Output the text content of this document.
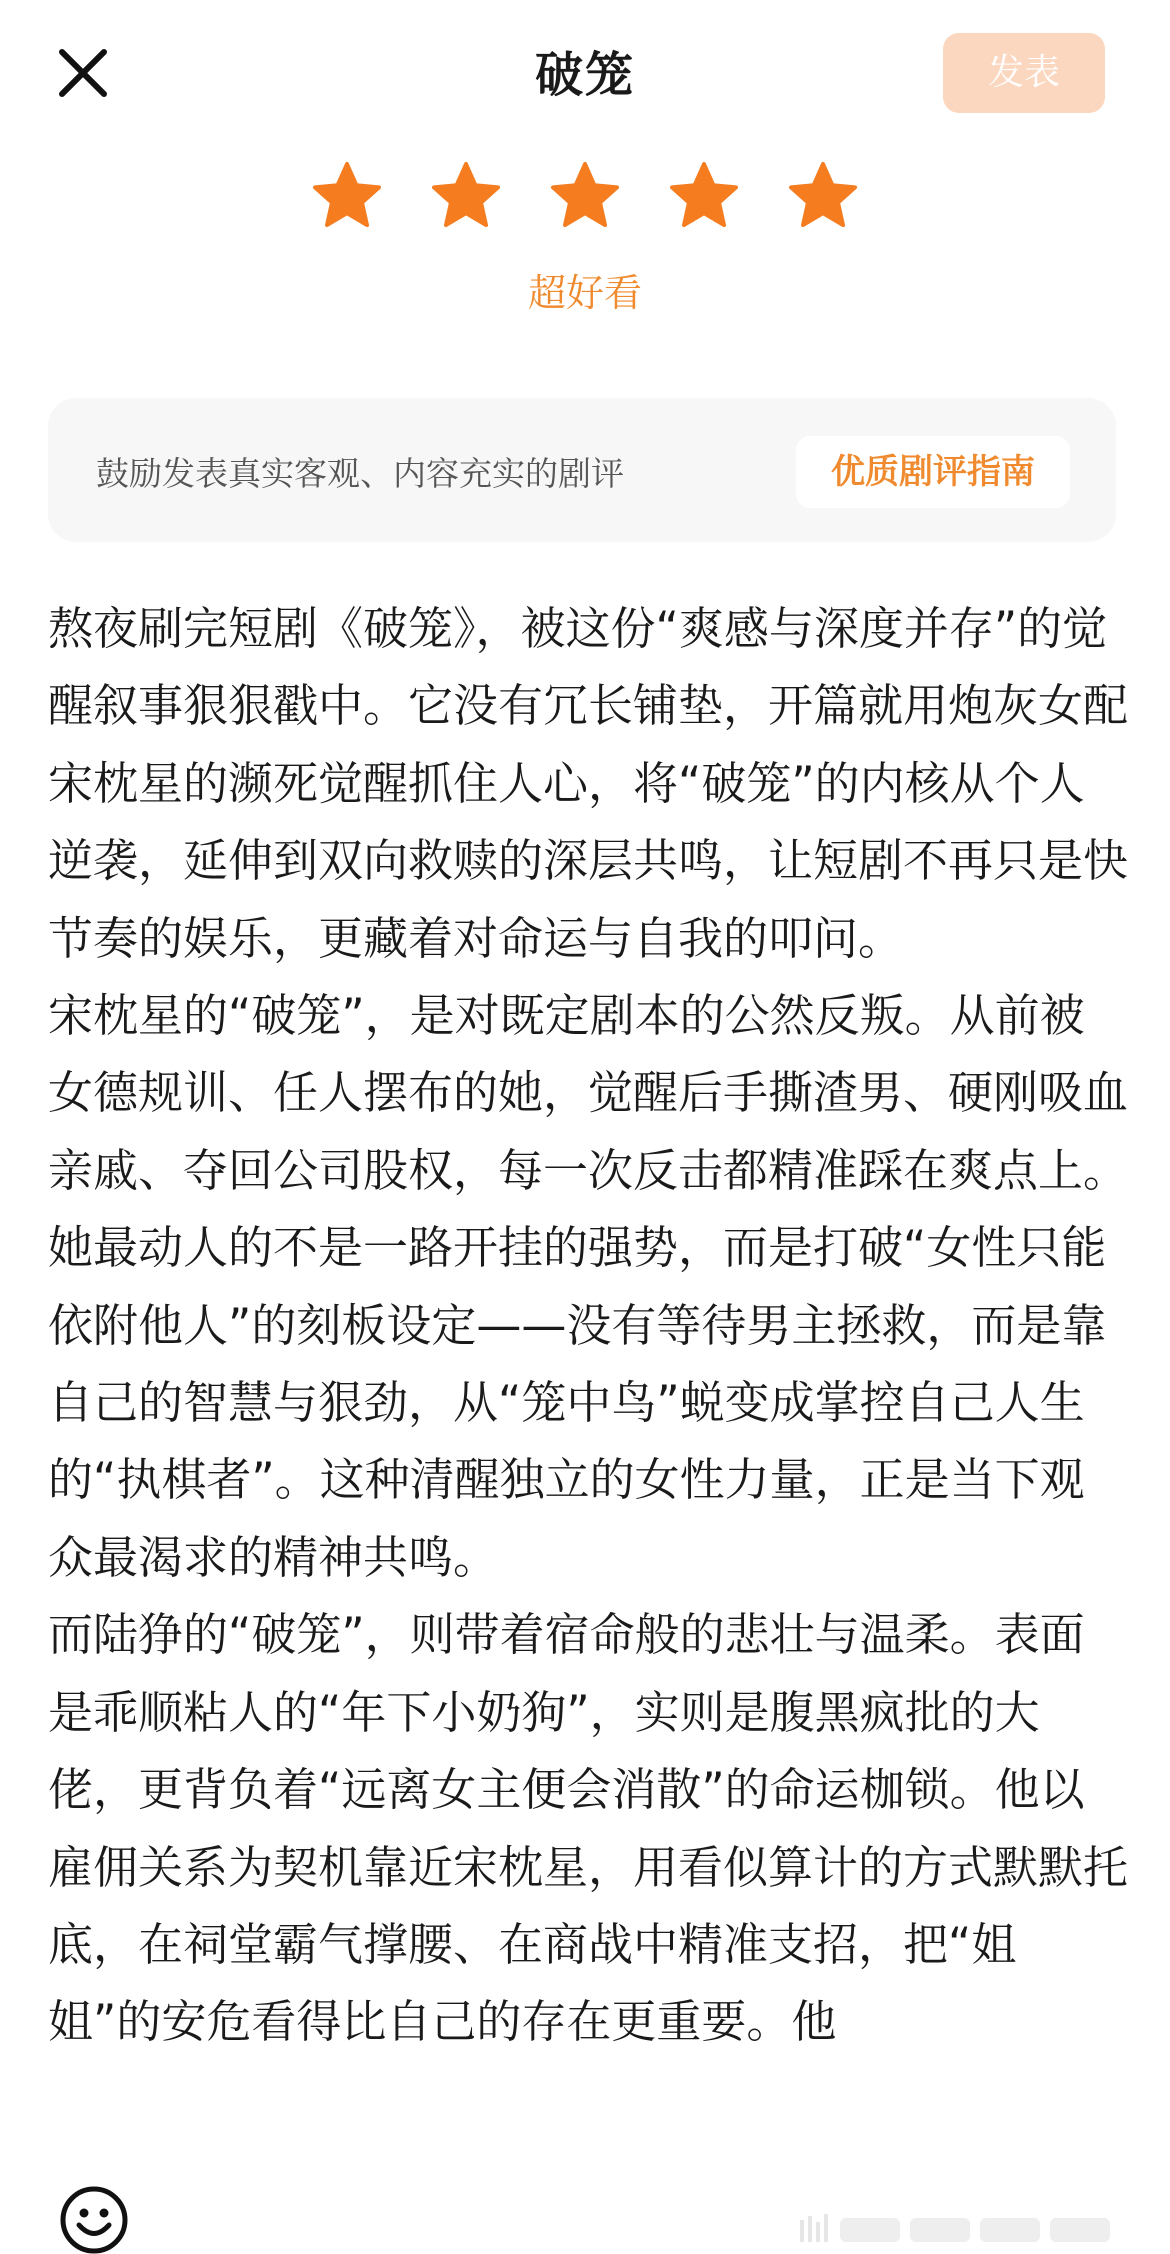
破笼	发表
超好看
鼓励发表真实客观、内容充实的剧评	优质剧评指南

熬夜刷完短剧《破笼》，被这份“爽感与深度并存”的觉醒叙事狠狠戳中。它没有冗长铺垫，开篇就用炮灰女配宋枕星的濒死觉醒抓住人心，将“破笼”的内核从个人逆袭，延伸到双向救赎的深层共鸣，让短剧不再只是快节奏的娱乐，更藏着对命运与自我的叩问。

宋枕星的“破笼”，是对既定剧本的公然反叛。从前被女德规训、任人摆布的她，觉醒后手撕渣男、硬刚吸血亲戚、夺回公司股权，每一次反击都精准踩在爽点上。她最动人的不是一路开挂的强势，而是打破“女性只能依附他人”的刻板设定——没有等待男主拯救，而是靠自己的智慧与狠劲，从“笼中鸟”蜕变成掌控自己人生的“执棋者”。这种清醒独立的女性力量，正是当下观众最渴求的精神共鸣。

而陆狰的“破笼”，则带着宿命般的悲壮与温柔。表面是乖顺粘人的“年下小奶狗”，实则是腹黑疯批的大佬，更背负着“远离女主便会消散”的命运枷锁。他以雇佣关系为契机靠近宋枕星，用看似算计的方式默默托底，在祠堂霸气撑腰、在商战中精准支招，把“姐姐”的安危看得比自己的存在更重要。他
